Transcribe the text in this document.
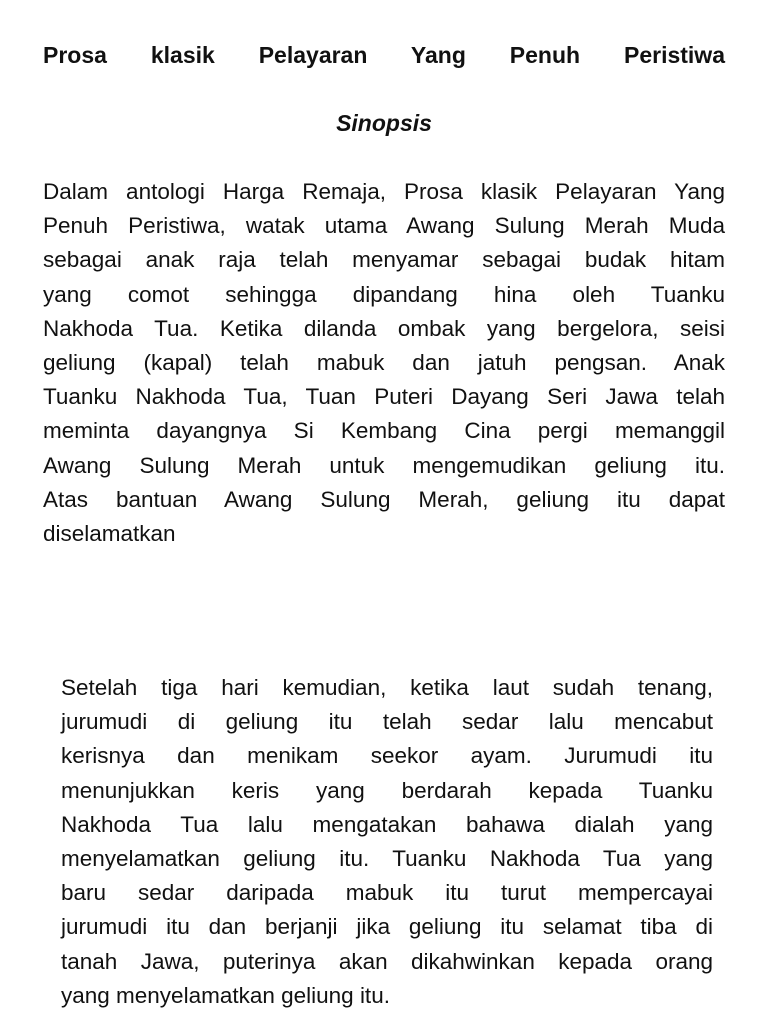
Prosa klasik Pelayaran Yang Penuh Peristiwa
Sinopsis
Dalam antologi Harga Remaja, Prosa klasik Pelayaran Yang
Penuh Peristiwa, watak utama Awang Sulung Merah Muda
sebagai anak raja telah menyamar sebagai budak hitam
yang comot sehingga dipandang hina oleh Tuanku
Nakhoda Tua. Ketika dilanda ombak yang bergelora, seisi
geliung (kapal) telah mabuk dan jatuh pengsan. Anak
Tuanku Nakhoda Tua, Tuan Puteri Dayang Seri Jawa telah
meminta dayangnya Si Kembang Cina pergi memanggil
Awang Sulung Merah untuk mengemudikan geliung itu.
Atas bantuan Awang Sulung Merah, geliung itu dapat
diselamatkan
Setelah tiga hari kemudian, ketika laut sudah tenang,
jurumudi di geliung itu telah sedar lalu mencabut
kerisnya dan menikam seekor ayam. Jurumudi itu
menunjukkan keris yang berdarah kepada Tuanku
Nakhoda Tua lalu mengatakan bahawa dialah yang
menyelamatkan geliung itu. Tuanku Nakhoda Tua yang
baru sedar daripada mabuk itu turut mempercayai
jurumudi itu dan berjanji jika geliung itu selamat tiba di
tanah Jawa, puterinya akan dikahwinkan kepada orang
yang menyelamatkan geliung itu.
